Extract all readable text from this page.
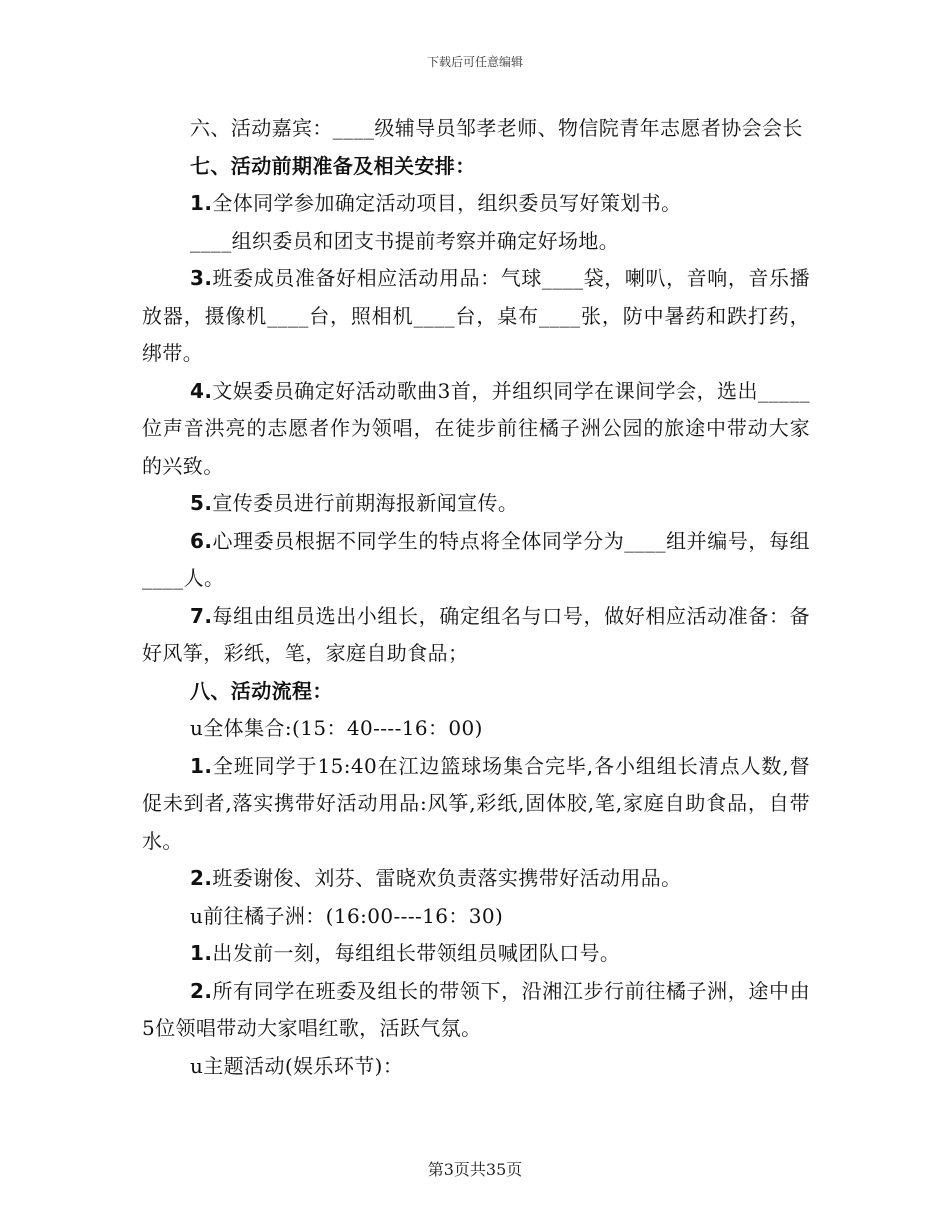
下载后可任意编辑

六、活动嘉宾：____级辅导员邹孝老师、物信院青年志愿者协会会长

七、活动前期准备及相关安排：

1.全体同学参加确定活动项目，组织委员写好策划书。

____组织委员和团支书提前考察并确定好场地。

3.班委成员准备好相应活动用品：气球____袋，喇叭，音响，音乐播放器，摄像机____台，照相机____台，桌布____张，防中暑药和跌打药，绑带。

4.文娱委员确定好活动歌曲3首，并组织同学在课间学会，选出_____位声音洪亮的志愿者作为领唱，在徒步前往橘子洲公园的旅途中带动大家的兴致。

5.宣传委员进行前期海报新闻宣传。

6.心理委员根据不同学生的特点将全体同学分为____组并编号，每组____人。

7.每组由组员选出小组长，确定组名与口号，做好相应活动准备：备好风筝，彩纸，笔，家庭自助食品；

八、活动流程：

u全体集合:(15：40----16：00)

1.全班同学于15:40在江边篮球场集合完毕,各小组组长清点人数,督促未到者,落实携带好活动用品:风筝,彩纸,固体胶,笔,家庭自助食品，自带水。

2.班委谢俊、刘芬、雷晓欢负责落实携带好活动用品。

u前往橘子洲：(16:00----16：30)

1.出发前一刻，每组组长带领组员喊团队口号。

2.所有同学在班委及组长的带领下，沿湘江步行前往橘子洲，途中由5位领唱带动大家唱红歌，活跃气氛。

u主题活动(娱乐环节)：

第3页共35页
